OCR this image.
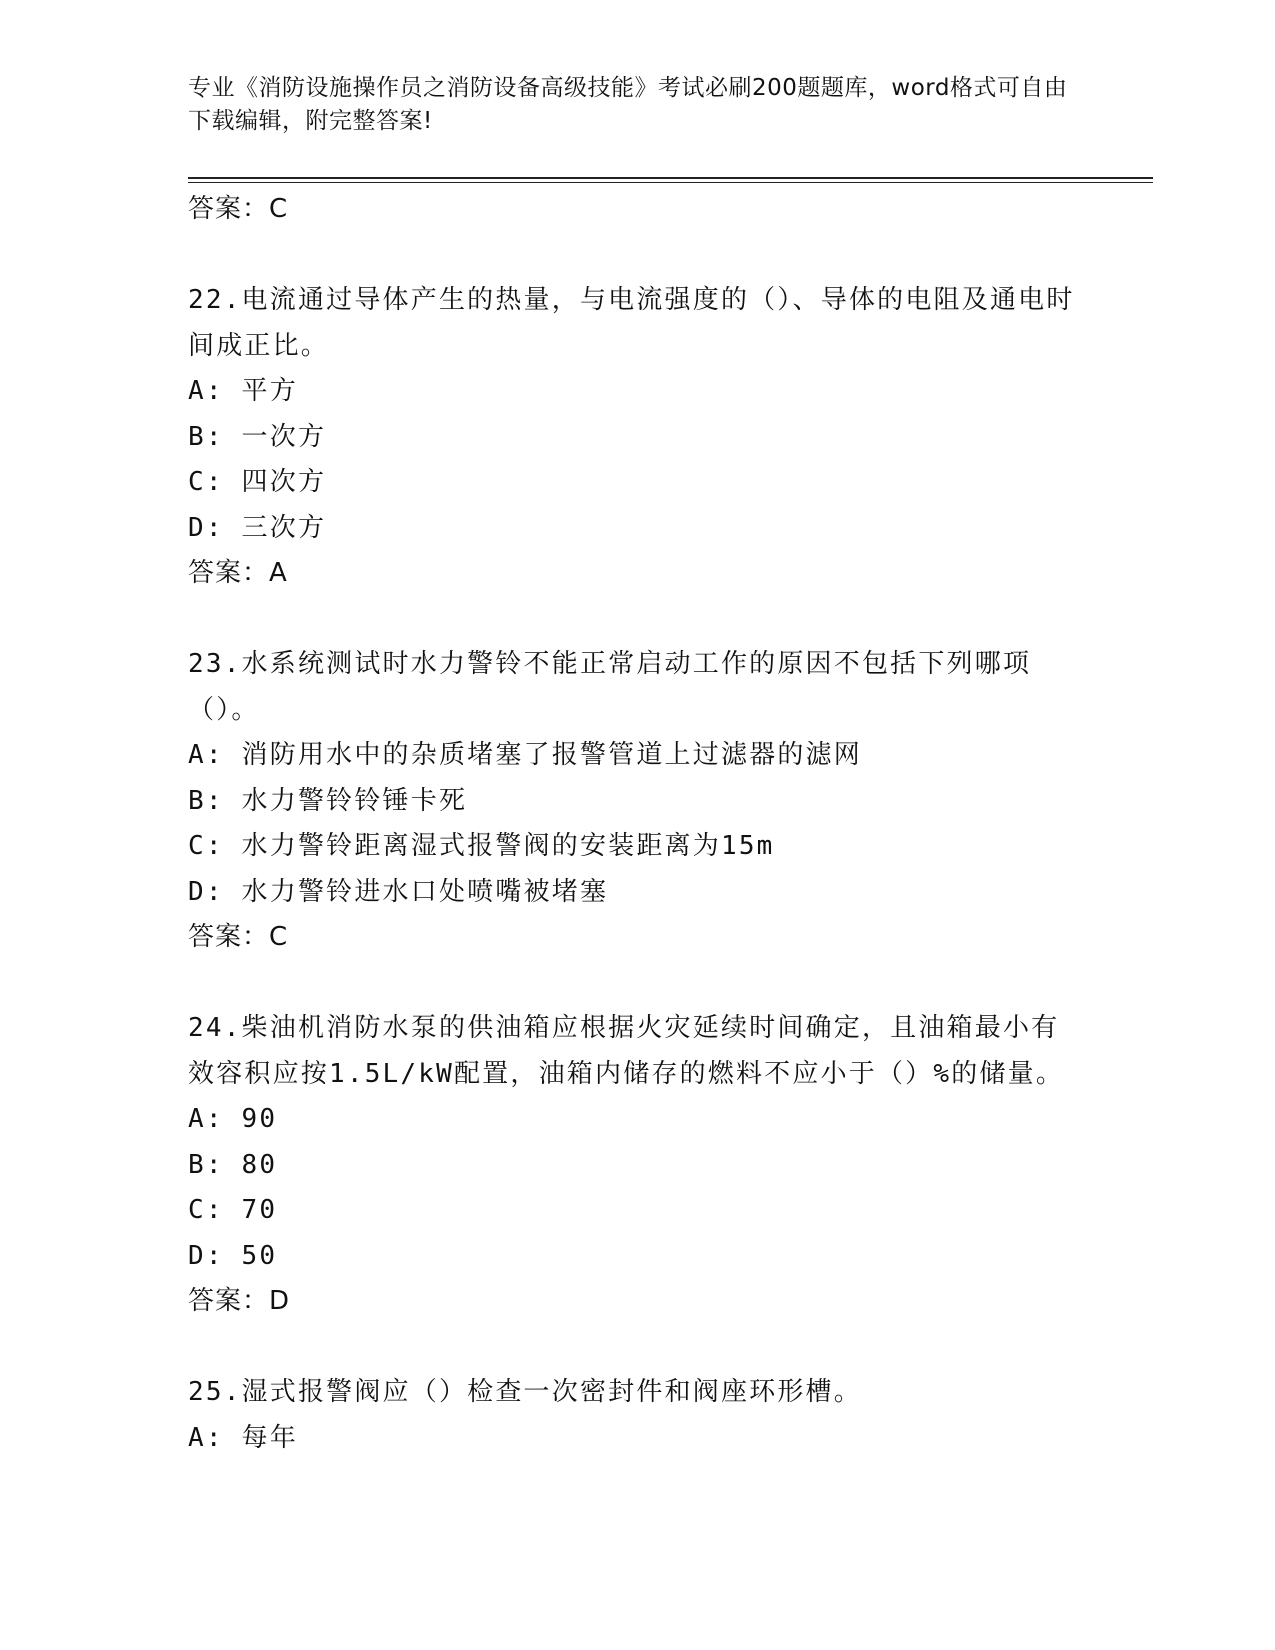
专业《消防设施操作员之消防设备高级技能》考试必刷200题题库，word格式可自由下载编辑，附完整答案!
答案：C
22.电流通过导体产生的热量，与电流强度的（）、导体的电阻及通电时间成正比。
A: 平方
B: 一次方
C: 四次方
D: 三次方
答案：A
23.水系统测试时水力警铃不能正常启动工作的原因不包括下列哪项（）。
A: 消防用水中的杂质堵塞了报警管道上过滤器的滤网
B: 水力警铃铃锤卡死
C: 水力警铃距离湿式报警阀的安装距离为15m
D: 水力警铃进水口处喷嘴被堵塞
答案：C
24.柴油机消防水泵的供油箱应根据火灾延续时间确定，且油箱最小有效容积应按1.5L/kW配置，油箱内储存的燃料不应小于（）%的储量。
A: 90
B: 80
C: 70
D: 50
答案：D
25.湿式报警阀应（）检查一次密封件和阀座环形槽。
A: 每年
